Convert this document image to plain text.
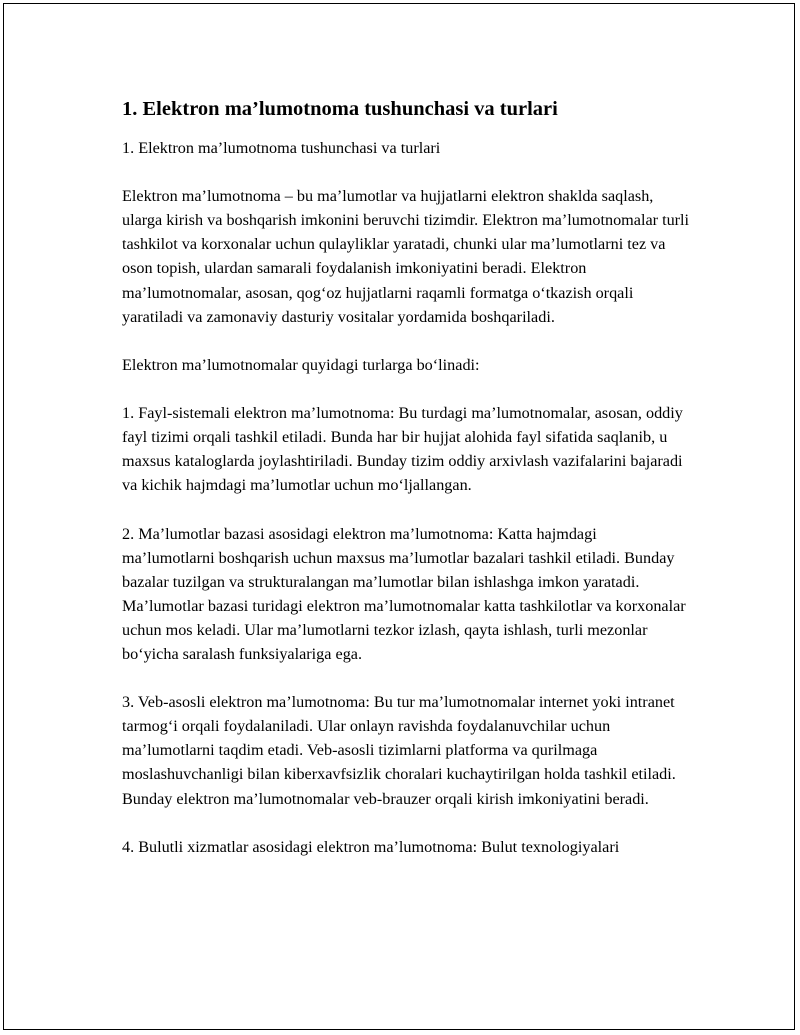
1. Elektron ma’lumotnoma tushunchasi va turlari

1. Elektron ma’lumotnoma tushunchasi va turlari

Elektron ma’lumotnoma – bu ma’lumotlar va hujjatlarni elektron shaklda saqlash, ularga kirish va boshqarish imkonini beruvchi tizimdir. Elektron ma’lumotnomalar turli tashkilot va korxonalar uchun qulayliklar yaratadi, chunki ular ma’lumotlarni tez va oson topish, ulardan samarali foydalanish imkoniyatini beradi. Elektron ma’lumotnomalar, asosan, qog‘oz hujjatlarni raqamli formatga o‘tkazish orqali yaratiladi va zamonaviy dasturiy vositalar yordamida boshqariladi.

Elektron ma’lumotnomalar quyidagi turlarga bo‘linadi:

1. Fayl-sistemali elektron ma’lumotnoma: Bu turdagi ma’lumotnomalar, asosan, oddiy fayl tizimi orqali tashkil etiladi. Bunda har bir hujjat alohida fayl sifatida saqlanib, u maxsus kataloglarda joylashtiriladi. Bunday tizim oddiy arxivlash vazifalarini bajaradi va kichik hajmdagi ma’lumotlar uchun mo‘ljallangan.

2. Ma’lumotlar bazasi asosidagi elektron ma’lumotnoma: Katta hajmdagi ma’lumotlarni boshqarish uchun maxsus ma’lumotlar bazalari tashkil etiladi. Bunday bazalar tuzilgan va strukturalangan ma’lumotlar bilan ishlashga imkon yaratadi. Ma’lumotlar bazasi turidagi elektron ma’lumotnomalar katta tashkilotlar va korxonalar uchun mos keladi. Ular ma’lumotlarni tezkor izlash, qayta ishlash, turli mezonlar bo‘yicha saralash funksiyalariga ega.

3. Veb-asosli elektron ma’lumotnoma: Bu tur ma’lumotnomalar internet yoki intranet tarmog‘i orqali foydalaniladi. Ular onlayn ravishda foydalanuvchilar uchun ma’lumotlarni taqdim etadi. Veb-asosli tizimlarni platforma va qurilmaga moslashuvchanligi bilan kiberxavfsizlik choralari kuchaytirilgan holda tashkil etiladi. Bunday elektron ma’lumotnomalar veb-brauzer orqali kirish imkoniyatini beradi.

4. Bulutli xizmatlar asosidagi elektron ma’lumotnoma: Bulut texnologiyalari
